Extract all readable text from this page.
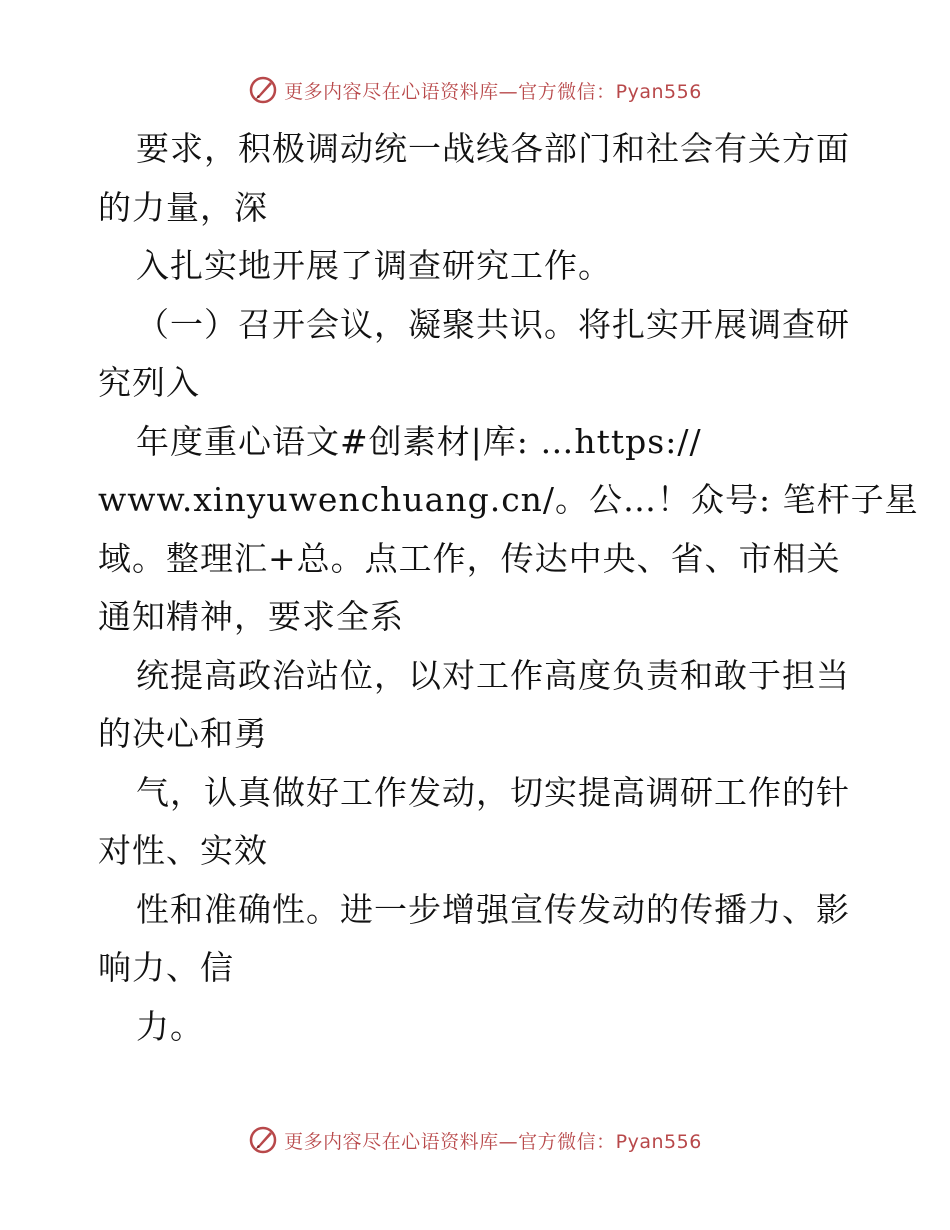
更多内容尽在心语资料库—官方微信：Pyan556
要求，积极调动统一战线各部门和社会有关方面
的力量，深
入扎实地开展了调查研究工作。
（一）召开会议，凝聚共识。将扎实开展调查研
究列入
年度重心语文#创素材|库: …https://
www.xinyuwenchuang.cn/。公…！众号: 笔杆子星
域。整理汇+总。点工作，传达中央、省、市相关
通知精神，要求全系
统提高政治站位，以对工作高度负责和敢于担当
的决心和勇
气，认真做好工作发动，切实提高调研工作的针
对性、实效
性和准确性。进一步增强宣传发动的传播力、影
响力、信
力。
更多内容尽在心语资料库—官方微信：Pyan556
